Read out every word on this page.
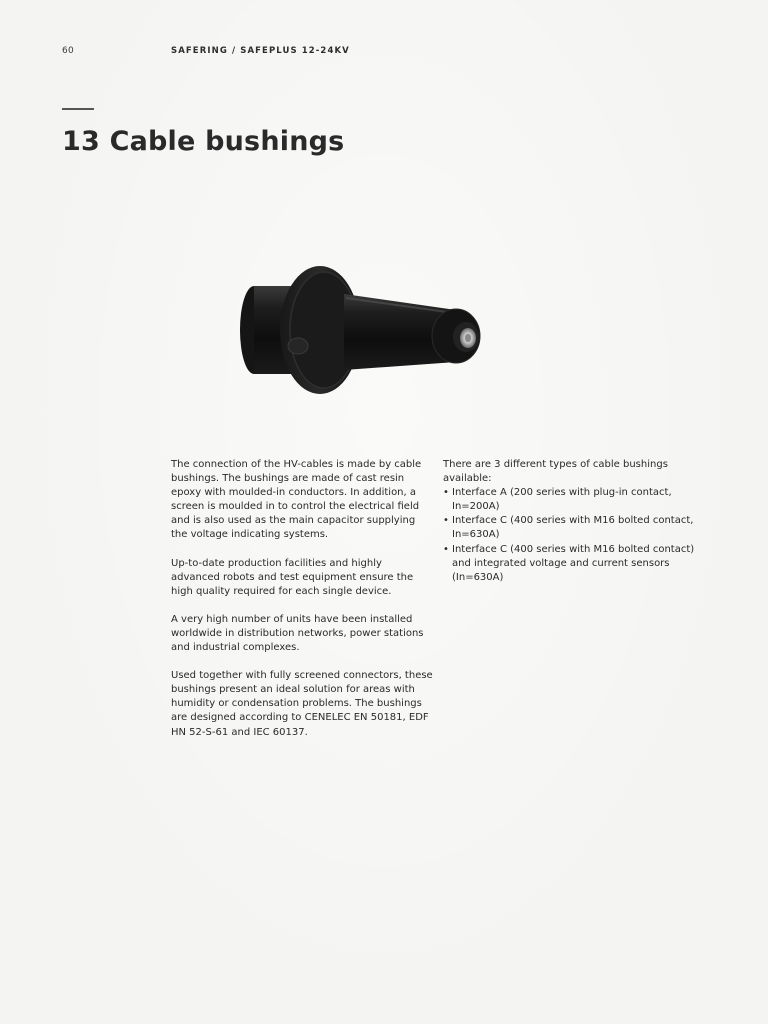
60	SAFERING / SAFEPLUS 12-24KV
13 Cable bushings

The connection of the HV-cables is made by cable bushings. The bushings are made of cast resin epoxy with moulded-in conductors. In addition, a screen is moulded in to control the electrical field and is also used as the main capacitor supplying the voltage indicating systems.

Up-to-date production facilities and highly advanced robots and test equipment ensure the high quality required for each single device.

A very high number of units have been installed worldwide in distribution networks, power stations and industrial complexes.

Used together with fully screened connectors, these bushings present an ideal solution for areas with humidity or condensation problems. The bushings are designed according to CENELEC EN 50181, EDF HN 52-S-61 and IEC 60137.

There are 3 different types of cable bushings available:
• Interface A (200 series with plug-in contact, In=200A)
• Interface C (400 series with M16 bolted contact, In=630A)
• Interface C (400 series with M16 bolted contact) and integrated voltage and current sensors (In=630A)
